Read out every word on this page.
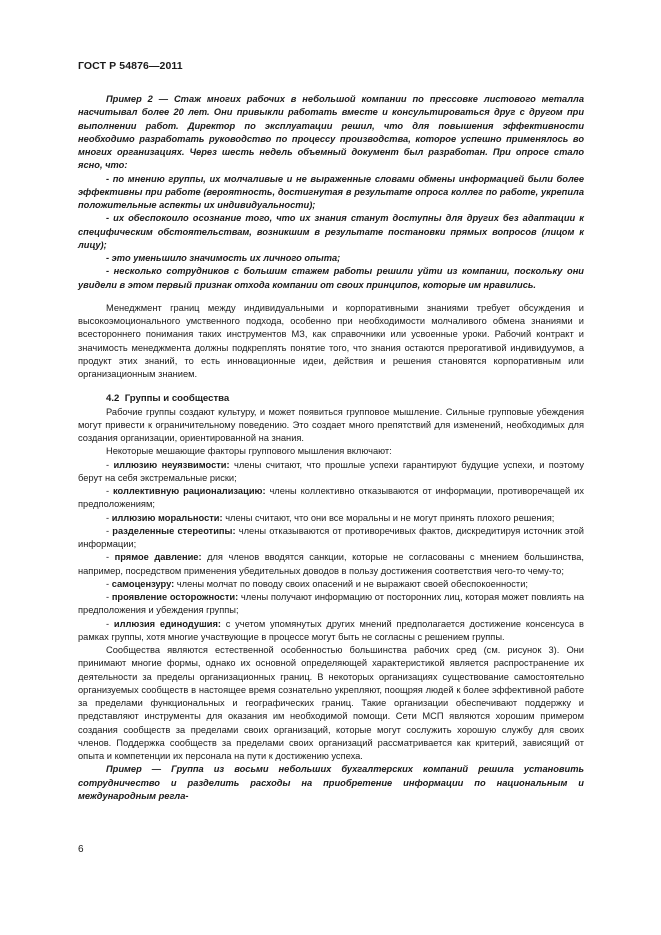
ГОСТ Р 54876—2011

Пример 2 — Стаж многих рабочих в небольшой компании по прессовке листового металла насчитывал более 20 лет. Они привыкли работать вместе и консультироваться друг с другом при выполнении работ. Директор по эксплуатации решил, что для повышения эффективности необходимо разработать руководство по процессу производства, которое успешно применялось во многих организациях. Через шесть недель объемный документ был разработан. При опросе стало ясно, что:

- по мнению группы, их молчаливые и не выраженные словами обмены информацией были более эффективны при работе (вероятность, достигнутая в результате опроса коллег по работе, укрепила положительные аспекты их индивидуальности);

- их обеспокоило осознание того, что их знания станут доступны для других без адаптации к специфическим обстоятельствам, возникшим в результате постановки прямых вопросов (лицом к лицу);

- это уменьшило значимость их личного опыта;

- несколько сотрудников с большим стажем работы решили уйти из компании, поскольку они увидели в этом первый признак отхода компании от своих принципов, которые им нравились.

Менеджмент границ между индивидуальными и корпоративными знаниями требует обсуждения и высокоэмоционального умственного подхода, особенно при необходимости молчаливого обмена знаниями и всестороннего понимания таких инструментов МЗ, как справочники или усвоенные уроки. Рабочий контракт и значимость менеджмента должны подкреплять понятие того, что знания остаются прерогативой индивидуумов, а продукт этих знаний, то есть инновационные идеи, действия и решения становятся корпоративным или организационным знанием.

4.2 Группы и сообщества

Рабочие группы создают культуру, и может появиться групповое мышление. Сильные групповые убеждения могут привести к ограничительному поведению. Это создает много препятствий для изменений, необходимых для создания организации, ориентированной на знания.

Некоторые мешающие факторы группового мышления включают:

- иллюзию неуязвимости: члены считают, что прошлые успехи гарантируют будущие успехи, и поэтому берут на себя экстремальные риски;

- коллективную рационализацию: члены коллективно отказываются от информации, противоречащей их предположениям;

- иллюзию моральности: члены считают, что они все моральны и не могут принять плохого решения;

- разделенные стереотипы: члены отказываются от противоречивых фактов, дискредитируя источник этой информации;

- прямое давление: для членов вводятся санкции, которые не согласованы с мнением большинства, например, посредством применения убедительных доводов в пользу достижения соответствия чего-то чему-то;

- самоцензуру: члены молчат по поводу своих опасений и не выражают своей обеспокоенности;

- проявление осторожности: члены получают информацию от посторонних лиц, которая может повлиять на предположения и убеждения группы;

- иллюзия единодушия: с учетом упомянутых других мнений предполагается достижение консенсуса в рамках группы, хотя многие участвующие в процессе могут быть не согласны с решением группы.

Сообщества являются естественной особенностью большинства рабочих сред (см. рисунок 3). Они принимают многие формы, однако их основной определяющей характеристикой является распространение их деятельности за пределы организационных границ. В некоторых организациях существование самостоятельно организуемых сообществ в настоящее время сознательно укрепляют, поощряя людей к более эффективной работе за пределами функциональных и географических границ. Такие организации обеспечивают поддержку и представляют инструменты для оказания им необходимой помощи. Сети МСП являются хорошим примером создания сообществ за пределами своих организаций, которые могут сослужить хорошую службу для своих членов. Поддержка сообществ за пределами своих организаций рассматривается как критерий, зависящий от опыта и компетенции их персонала на пути к достижению успеха.

Пример — Группа из восьми небольших бухгалтерских компаний решила установить сотрудничество и разделить расходы на приобретение информации по национальным и международным регла-

6
